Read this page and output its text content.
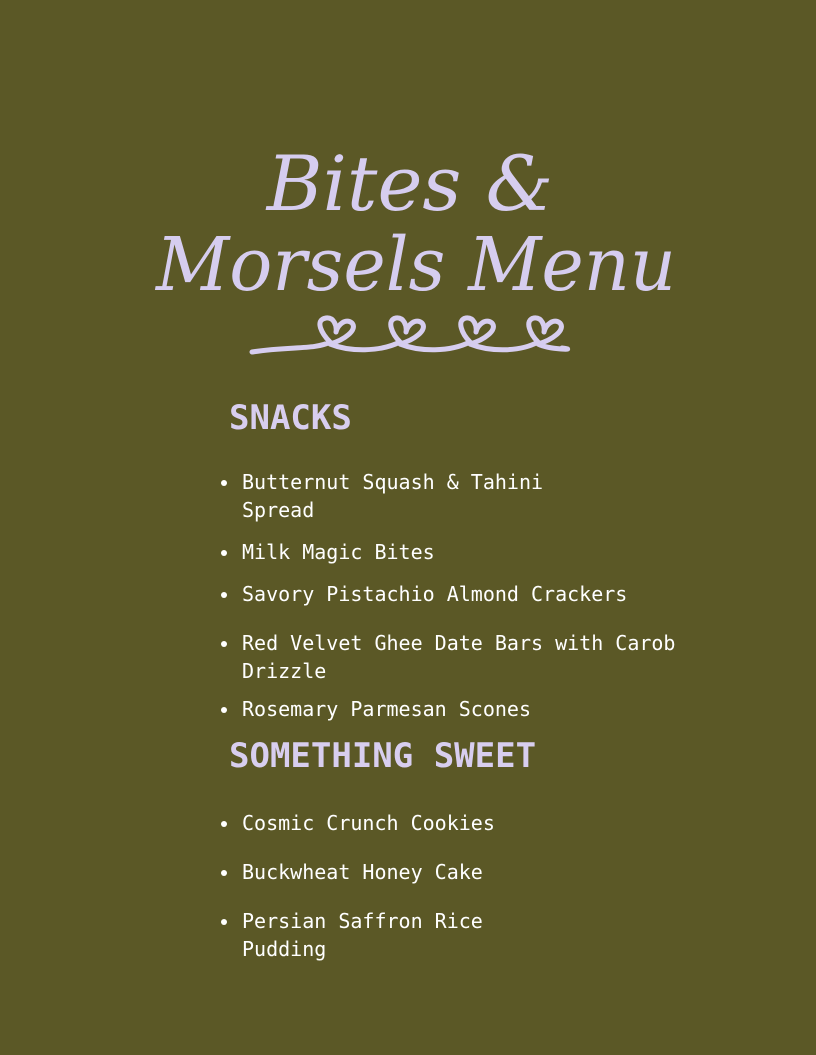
Bites &
Morsels Menu
SNACKS
Butternut Squash & Tahini Spread
Milk Magic Bites
Savory Pistachio Almond Crackers
Red Velvet Ghee Date Bars with Carob Drizzle
Rosemary Parmesan Scones
SOMETHING SWEET
Cosmic Crunch Cookies
Buckwheat Honey Cake
Persian Saffron Rice Pudding
